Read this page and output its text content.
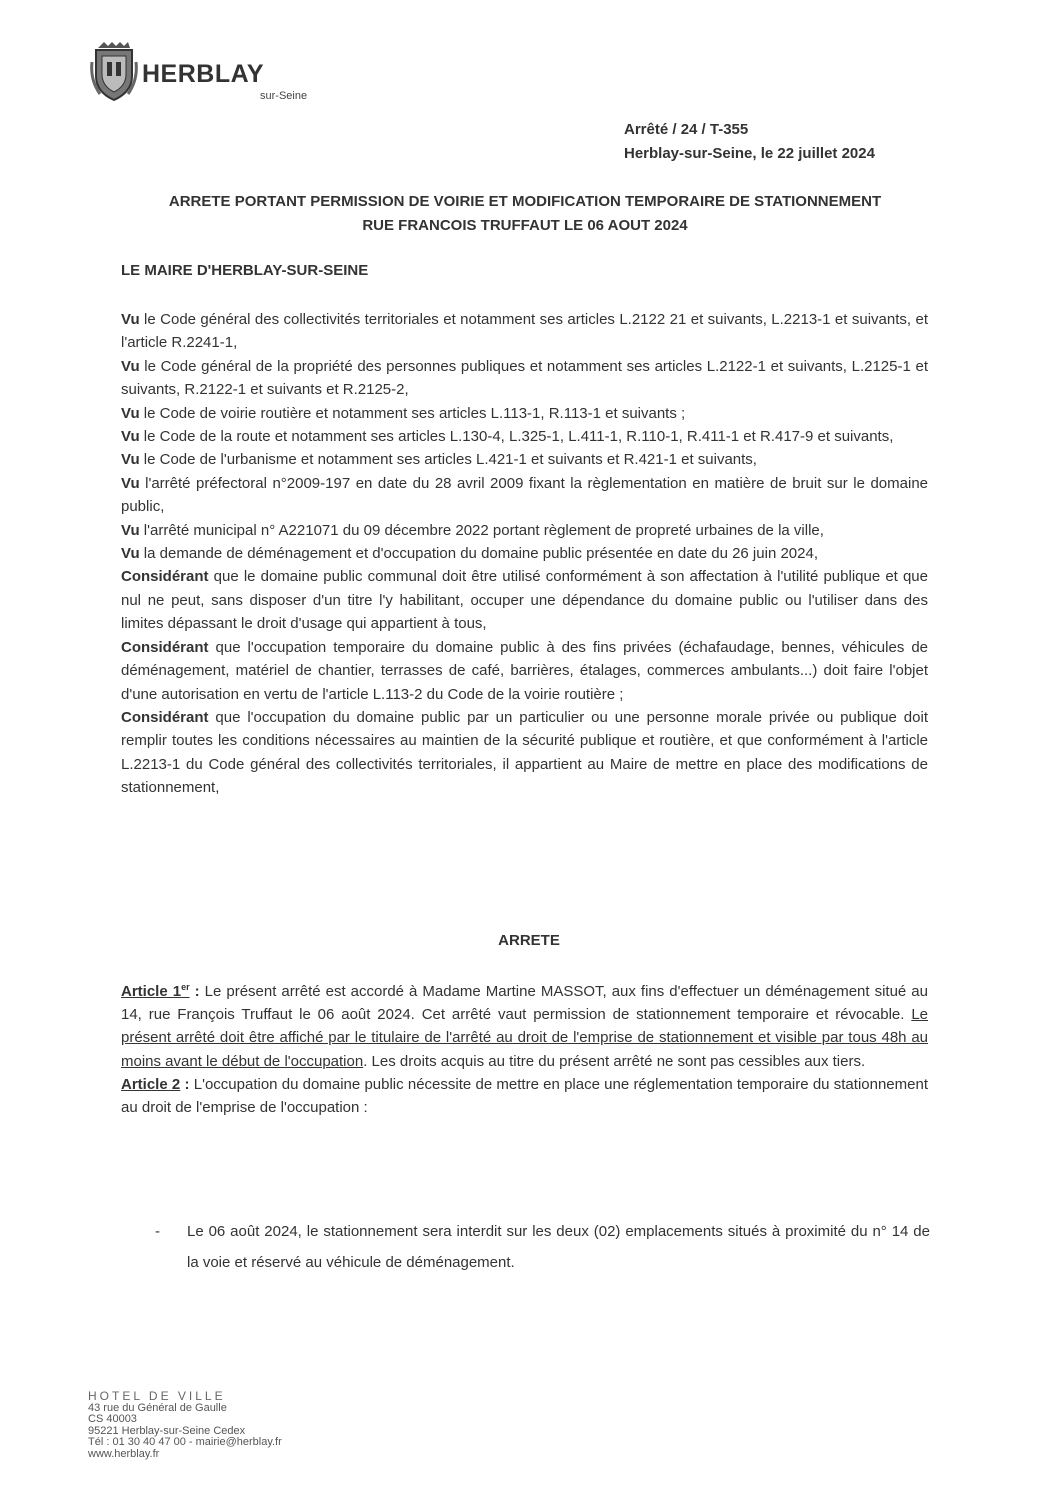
HERBLAY
sur-Seine
Arrêté / 24 / T-355
Herblay-sur-Seine, le 22 juillet 2024
ARRETE PORTANT PERMISSION DE VOIRIE ET MODIFICATION TEMPORAIRE DE STATIONNEMENT
RUE FRANCOIS TRUFFAUT LE 06 AOUT 2024
LE MAIRE D'HERBLAY-SUR-SEINE

Vu le Code général des collectivités territoriales et notamment ses articles L.2122 21 et suivants, L.2213-1 et suivants, et l'article R.2241-1,

Vu le Code général de la propriété des personnes publiques et notamment ses articles L.2122-1 et suivants, L.2125-1 et suivants, R.2122-1 et suivants et R.2125-2,

Vu le Code de voirie routière et notamment ses articles L.113-1, R.113-1 et suivants ;

Vu le Code de la route et notamment ses articles L.130-4, L.325-1, L.411-1, R.110-1, R.411-1 et R.417-9 et suivants,

Vu le Code de l'urbanisme et notamment ses articles L.421-1 et suivants et R.421-1 et suivants,

Vu l'arrêté préfectoral n°2009-197 en date du 28 avril 2009 fixant la règlementation en matière de bruit sur le domaine public,

Vu l'arrêté municipal n° A221071 du 09 décembre 2022 portant règlement de propreté urbaines de la ville,

Vu la demande de déménagement et d'occupation du domaine public présentée en date du 26 juin 2024,

Considérant que le domaine public communal doit être utilisé conformément à son affectation à l'utilité publique et que nul ne peut, sans disposer d'un titre l'y habilitant, occuper une dépendance du domaine public ou l'utiliser dans des limites dépassant le droit d'usage qui appartient à tous,

Considérant que l'occupation temporaire du domaine public à des fins privées (échafaudage, bennes, véhicules de déménagement, matériel de chantier, terrasses de café, barrières, étalages, commerces ambulants...) doit faire l'objet d'une autorisation en vertu de l'article L.113-2 du Code de la voirie routière ;

Considérant que l'occupation du domaine public par un particulier ou une personne morale privée ou publique doit remplir toutes les conditions nécessaires au maintien de la sécurité publique et routière, et que conformément à l'article L.2213-1 du Code général des collectivités territoriales, il appartient au Maire de mettre en place des modifications de stationnement,

ARRETE

Article 1er : Le présent arrêté est accordé à Madame Martine MASSOT, aux fins d'effectuer un déménagement situé au 14, rue François Truffaut le 06 août 2024. Cet arrêté vaut permission de stationnement temporaire et révocable. Le présent arrêté doit être affiché par le titulaire de l'arrêté au droit de l'emprise de stationnement et visible par tous 48h au moins avant le début de l'occupation. Les droits acquis au titre du présent arrêté ne sont pas cessibles aux tiers.

Article 2 : L'occupation du domaine public nécessite de mettre en place une réglementation temporaire du stationnement au droit de l'emprise de l'occupation :

- Le 06 août 2024, le stationnement sera interdit sur les deux (02) emplacements situés à proximité du n° 14 de la voie et réservé au véhicule de déménagement.
HOTEL DE VILLE
43 rue du Général de Gaulle
CS 40003
95221 Herblay-sur-Seine Cedex
Tél : 01 30 40 47 00 - mairie@herblay.fr
www.herblay.fr
